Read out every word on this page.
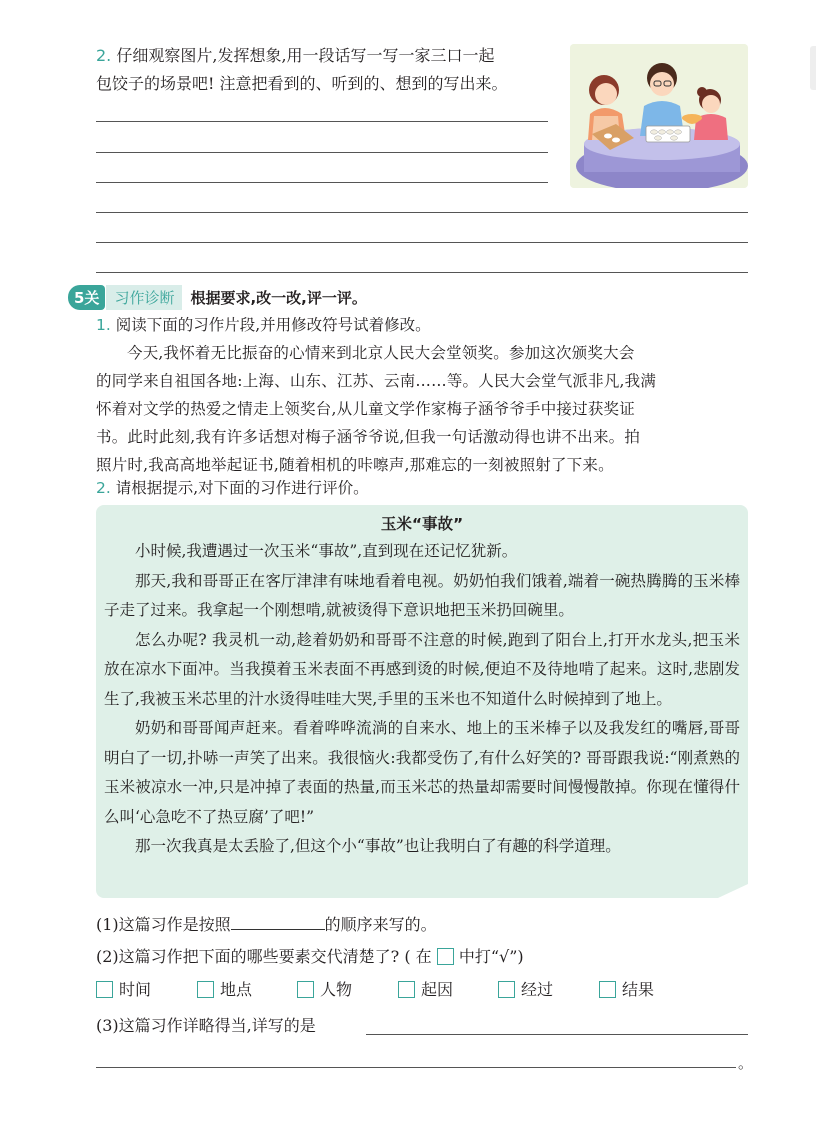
2. 仔细观察图片,发挥想象,用一段话写一写一家三口一起
包饺子的场景吧! 注意把看到的、听到的、想到的写出来。
5关	习作诊断	根据要求,改一改,评一评。
1. 阅读下面的习作片段,并用修改符号试着修改。
今天,我怀着无比振奋的心情来到北京人民大会堂领奖。参加这次颁奖大会
的同学来自祖国各地:上海、山东、江苏、云南……等。人民大会堂气派非凡,我满
怀着对文学的热爱之情走上领奖台,从儿童文学作家梅子涵爷爷手中接过获奖证
书。此时此刻,我有许多话想对梅子涵爷爷说,但我一句话激动得也讲不出来。拍
照片时,我高高地举起证书,随着相机的咔嚓声,那难忘的一刻被照射了下来。
2. 请根据提示,对下面的习作进行评价。
玉米“事故”

小时候,我遭遇过一次玉米“事故”,直到现在还记忆犹新。

那天,我和哥哥正在客厅津津有味地看着电视。奶奶怕我们饿着,端着一碗热腾腾的玉米棒子走了过来。我拿起一个刚想啃,就被烫得下意识地把玉米扔回碗里。

怎么办呢? 我灵机一动,趁着奶奶和哥哥不注意的时候,跑到了阳台上,打开水龙头,把玉米放在凉水下面冲。当我摸着玉米表面不再感到烫的时候,便迫不及待地啃了起来。这时,悲剧发生了,我被玉米芯里的汁水烫得哇哇大哭,手里的玉米也不知道什么时候掉到了地上。

奶奶和哥哥闻声赶来。看着哗哗流淌的自来水、地上的玉米棒子以及我发红的嘴唇,哥哥明白了一切,扑哧一声笑了出来。我很恼火:我都受伤了,有什么好笑的? 哥哥跟我说:“刚煮熟的玉米被凉水一冲,只是冲掉了表面的热量,而玉米芯的热量却需要时间慢慢散掉。你现在懂得什么叫‘心急吃不了热豆腐’了吧!”

那一次我真是太丢脸了,但这个小“事故”也让我明白了有趣的科学道理。

(1)这篇习作是按照	的顺序来写的。
(2)这篇习作把下面的哪些要素交代清楚了? ( 在 中打“√”)
时间	地点	人物	起因	经过	结果
(3)这篇习作详略得当,详写的是
。
